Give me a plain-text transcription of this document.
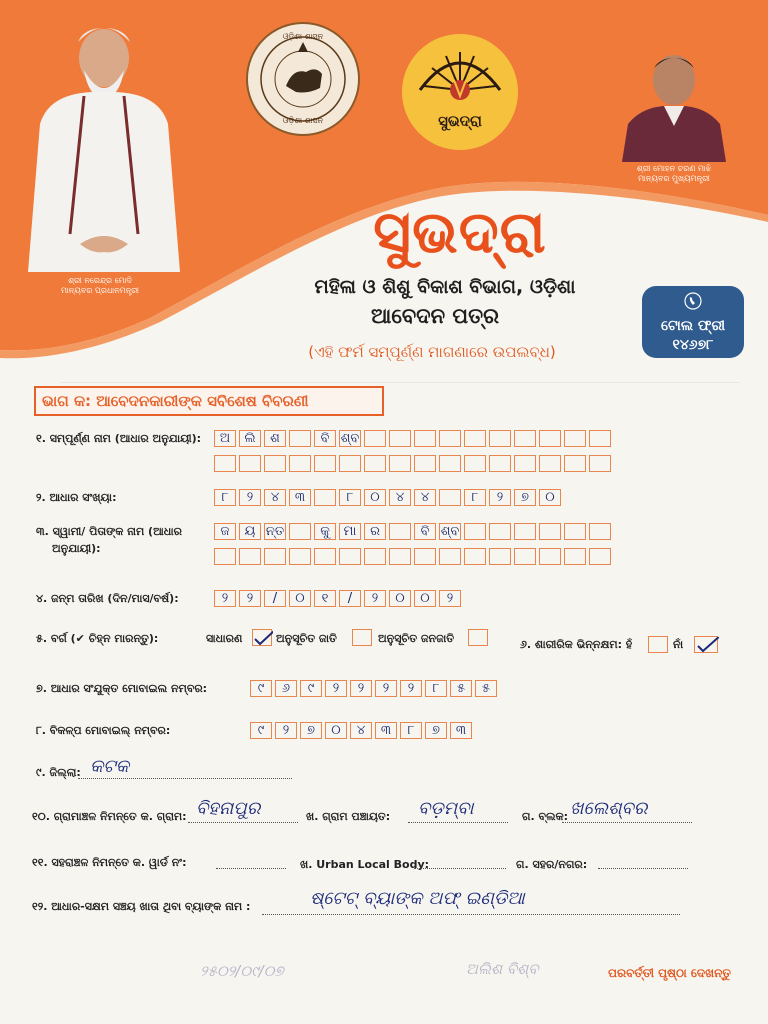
ଶ୍ରୀ ନରେନ୍ଦ୍ର ମୋଦି
ମାନ୍ୟବର ପ୍ରଧାନମନ୍ତ୍ରୀ
ଓଡ଼ିଶା ଶାସନ
ଓଡ଼ିଶା ଶାସନ	ସୁଭଦ୍ରା
ଶ୍ରୀ ମୋହନ ଚରଣ ମାଝି
ମାନ୍ୟବର ମୁଖ୍ୟମନ୍ତ୍ରୀ
ସୁଭଦ୍ରା
ମହିଳା ଓ ଶିଶୁ ବିକାଶ ବିଭାଗ, ଓଡ଼ିଶା
ଆବେଦନ ପତ୍ର
(ଏହି ଫର୍ମ ସମ୍ପୂର୍ଣ୍ଣ ମାଗଣାରେ ଉପଲବ୍ଧ)
ଟୋଲ ଫ୍ରୀ
୧୪୬୭୮
ଭାଗ କ: ଆବେଦନକାରୀଙ୍କ ସବିଶେଷ ବିବରଣୀ
୧. ସମ୍ପୂର୍ଣ୍ଣ ନାମ (ଆଧାର ଅନୁଯାୟୀ):	ଅ	ଲି	ଶ	ବି ଶ୍ବ
୨. ଆଧାର ସଂଖ୍ୟା:	୮	୨	୪	୩	୮	୦	୪	୪	୮	୨	୭	୦
୩. ସ୍ୱାମୀ/ ପିତାଙ୍କ ନାମ (ଆଧାର
ଅନୁଯାୟୀ):
ଜ	ୟ ନ୍ତ	କୁ	ମା	ର	ବି ଶ୍ବ
୪. ଜନ୍ମ ତାରିଖ (ଦିନ/ମାସ/ବର୍ଷ):	୨	୨	/	୦	୧	/	୨	୦	୦	୨
୫. ବର୍ଗ (✔ ଚିହ୍ନ ମାରନ୍ତୁ):	ସାଧାରଣ	ଅନୁସୂଚିତ ଜାତି	ଅନୁସୂଚିତ ଜନଜାତି	୬. ଶାରୀରିକ ଭିନ୍ନକ୍ଷମ: ହଁ	ନାଁ
୭. ଆଧାର ସଂଯୁକ୍ତ ମୋବାଇଲ ନମ୍ବର:	୯	୬	୯	୨	୨	୨	୨	୮	୫	୫
୮. ବିକଳ୍ପ ମୋବାଇଲ୍ ନମ୍ବର:	୯	୨	୭	୦	୪	୩	୮	୭	୩
୯. ଜିଲ୍ଲା: କଟକ
୧୦. ଗ୍ରାମାଞ୍ଚଳ ନିମନ୍ତେ କ. ଗ୍ରାମ: ବିହନାପୁର	ଖ. ଗ୍ରାମ ପଞ୍ଚାୟତ: ବଡ଼ମ୍ବା	ଗ. ବ୍ଲକ: ଖଲେଶ୍ବର
୧୧. ସହରାଞ୍ଚଳ ନିମନ୍ତେ କ. ୱାର୍ଡ ନଂ:	ଖ. Urban Local Body:	ଗ. ସହର/ନଗର:
୧୨. ଆଧାର-ସକ୍ଷମ ସଞ୍ଚୟ ଖାତା ଥିବା ବ୍ୟାଙ୍କ ନାମ :	ଷ୍ଟେଟ୍ ବ୍ୟାଙ୍କ ଅଫ୍ ଇଣ୍ଡିଆ
୨୫୦୨/୦୯/୦୭	ଅଲିଶ ବିଶ୍ବ	ପରବର୍ତ୍ତୀ ପୃଷ୍ଠା ଦେଖନ୍ତୁ
